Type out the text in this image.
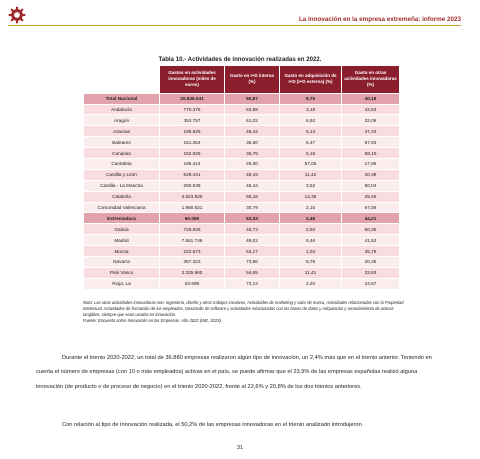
La innovación en la empresa extremeña: informe 2023
Tabla 10.- Actividades de innovación realizadas en 2022.
	Gastos en actividades innovadoras (miles de euros)	Gasto en I+D interna (%)	Gasto en adquisición de I+D (I+D externa) (%)	Gasto en otras actividades innovadoras (%)
Total Nacional	20.836.041	50,87	9,75	40,18
Andalucía	770.375	53,89	3,18	42,93
Aragón	353.757	61,02	6,92	32,06
Asturias	195.925	46,42	6,14	47,43
Baleares	161.364	35,60	6,47	57,93
Canarias	152.026	36,75	5,15	58,10
Cantabria	186.414	25,00	57,05	17,96
Castilla y León	628.441	48,19	11,42	40,39
Castilla - La Mancha	290.538	46,44	3,52	50,04
Cataluña	4.824.820	56,18	14,36	29,46
Comunidad Valenciana	1.950.621	30,79	2,15	67,06
Extremadura	60.066	53,33	2,46	44,21
Galicia	729.928	46,73	2,92	50,36
Madrid	7.561.746	49,02	9,46	41,52
Murcia	222.573	63,17	1,04	35,79
Navarra	357.323	73,86	5,79	20,35
País Vasco	2.325.960	54,65	11,41	33,93
Rioja, La	63.698	73,13	2,20	24,67

Nota: Las otras actividades innovadoras son: Ingeniería, diseño y otros trabajos creativos, Actividades de marketing y valor de marca, Actividades relacionadas con la Propiedad Intelectual, Actividades de formación de los empleados, Desarrollo de software y actividades relacionadas con las bases de datos y Adquisición y arrendamiento de activos tangibles, siempre que sean usadas en innovación.

Fuente: Encuesta sobre Innovación en las Empresas. Año 2022 (INE, 2023).

Durante el trienio 2020-2022, un total de 36.880 empresas realizaron algún tipo de innovación, un 2,4% más que en el trienio anterior. Teniendo en cuenta el número de empresas (con 10 o más empleados) activas en el país, se puede afirmar que el 23,9% de las empresas españolas realizó alguna innovación (de producto o de proceso de negocio) en el trienio 2020-2022, frente al 22,6% y 20,8% de los dos trienios anteriores.

Con relación al tipo de innovación realizada, el 50,2% de las empresas innovadoras en el trienio analizado introdujeron

31
